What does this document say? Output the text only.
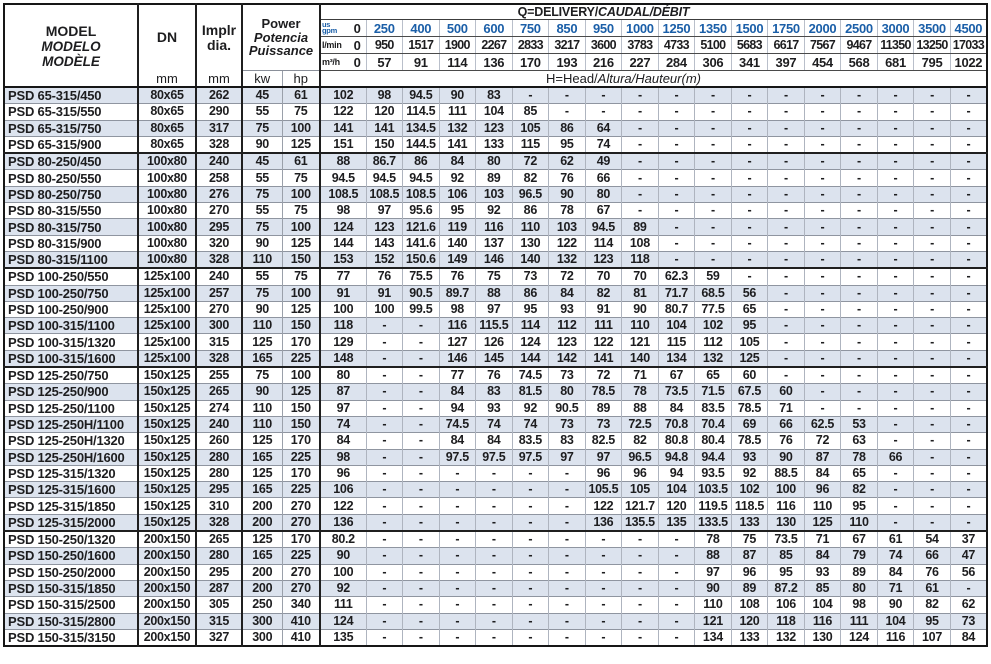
MODEL
MODELO
MODÈLE

DN	Implr
dia.

Power
Potencia
Puissance
	Q=DELIVERY/CAUDAL/DÉBIT

					us
gpm 0	250	400	500	600	750	850	950	1000	1250	1350	1500	1750	2000	2500	3000	3500	4500

					l/min 0	950	1517	1900	2267	2833	3217	3600	3783	4733	5100	5683	6617	7567	9467	11350	13250	17033

					m³/h 0	57	91	114	136	170	193	216	227	284	306	341	397	454	568	681	795	1022
	mm	mm	kw	hp	H=Head/Altura/Hauteur(m)																	
PSD 65-315/450	80x65	262	45	61	102	98	94.5	90	83	-	-	-	-	-	-	-	-	-	-	-	-	-
PSD 65-315/550	80x65	290	55	75	122	120	114.5	111	104	85	-	-	-	-	-	-	-	-	-	-	-	-
PSD 65-315/750	80x65	317	75	100	141	141	134.5	132	123	105	86	64	-	-	-	-	-	-	-	-	-	-
PSD 65-315/900	80x65	328	90	125	151	150	144.5	141	133	115	95	74	-	-	-	-	-	-	-	-	-	-
PSD 80-250/450	100x80	240	45	61	88	86.7	86	84	80	72	62	49	-	-	-	-	-	-	-	-	-	-
PSD 80-250/550	100x80	258	55	75	94.5	94.5	94.5	92	89	82	76	66	-	-	-	-	-	-	-	-	-	-
PSD 80-250/750	100x80	276	75	100	108.5	108.5	108.5	106	103	96.5	90	80	-	-	-	-	-	-	-	-	-	-
PSD 80-315/550	100x80	270	55	75	98	97	95.6	95	92	86	78	67	-	-	-	-	-	-	-	-	-	-
PSD 80-315/750	100x80	295	75	100	124	123	121.6	119	116	110	103	94.5	89	-	-	-	-	-	-	-	-	-
PSD 80-315/900	100x80	320	90	125	144	143	141.6	140	137	130	122	114	108	-	-	-	-	-	-	-	-	-
PSD 80-315/1100	100x80	328	110	150	153	152	150.6	149	146	140	132	123	118	-	-	-	-	-	-	-	-	-
PSD 100-250/550	125x100	240	55	75	77	76	75.5	76	75	73	72	70	70	62.3	59	-	-	-	-	-	-	-
PSD 100-250/750	125x100	257	75	100	91	91	90.5	89.7	88	86	84	82	81	71.7	68.5	56	-	-	-	-	-	-
PSD 100-250/900	125x100	270	90	125	100	100	99.5	98	97	95	93	91	90	80.7	77.5	65	-	-	-	-	-	-
PSD 100-315/1100	125x100	300	110	150	118	-	-	116	115.5	114	112	111	110	104	102	95	-	-	-	-	-	-
PSD 100-315/1320	125x100	315	125	170	129	-	-	127	126	124	123	122	121	115	112	105	-	-	-	-	-	-
PSD 100-315/1600	125x100	328	165	225	148	-	-	146	145	144	142	141	140	134	132	125	-	-	-	-	-	-
PSD 125-250/750	150x125	255	75	100	80	-	-	77	76	74.5	73	72	71	67	65	60	-	-	-	-	-	-
PSD 125-250/900	150x125	265	90	125	87	-	-	84	83	81.5	80	78.5	78	73.5	71.5	67.5	60	-	-	-	-	-
PSD 125-250/1100	150x125	274	110	150	97	-	-	94	93	92	90.5	89	88	84	83.5	78.5	71	-	-	-	-	-
PSD 125-250H/1100	150x125	240	110	150	74	-	-	74.5	74	74	73	73	72.5	70.8	70.4	69	66	62.5	53	-	-	-
PSD 125-250H/1320	150x125	260	125	170	84	-	-	84	84	83.5	83	82.5	82	80.8	80.4	78.5	76	72	63	-	-	-
PSD 125-250H/1600	150x125	280	165	225	98	-	-	97.5	97.5	97.5	97	97	96.5	94.8	94.4	93	90	87	78	66	-	-
PSD 125-315/1320	150x125	280	125	170	96	-	-	-	-	-	-	96	96	94	93.5	92	88.5	84	65	-	-	-
PSD 125-315/1600	150x125	295	165	225	106	-	-	-	-	-	-	105.5	105	104	103.5	102	100	96	82	-	-	-
PSD 125-315/1850	150x125	310	200	270	122	-	-	-	-	-	-	122	121.7	120	119.5	118.5	116	110	95	-	-	-
PSD 125-315/2000	150x125	328	200	270	136	-	-	-	-	-	-	136	135.5	135	133.5	133	130	125	110	-	-	-
PSD 150-250/1320	200x150	265	125	170	80.2	-	-	-	-	-	-	-	-	-	78	75	73.5	71	67	61	54	37
PSD 150-250/1600	200x150	280	165	225	90	-	-	-	-	-	-	-	-	-	88	87	85	84	79	74	66	47
PSD 150-250/2000	200x150	295	200	270	100	-	-	-	-	-	-	-	-	-	97	96	95	93	89	84	76	56
PSD 150-315/1850	200x150	287	200	270	92	-	-	-	-	-	-	-	-	-	90	89	87.2	85	80	71	61	-
PSD 150-315/2500	200x150	305	250	340	111	-	-	-	-	-	-	-	-	-	110	108	106	104	98	90	82	62
PSD 150-315/2800	200x150	315	300	410	124	-	-	-	-	-	-	-	-	-	121	120	118	116	111	104	95	73
PSD 150-315/3150	200x150	327	300	410	135	-	-	-	-	-	-	-	-	-	134	133	132	130	124	116	107	84
